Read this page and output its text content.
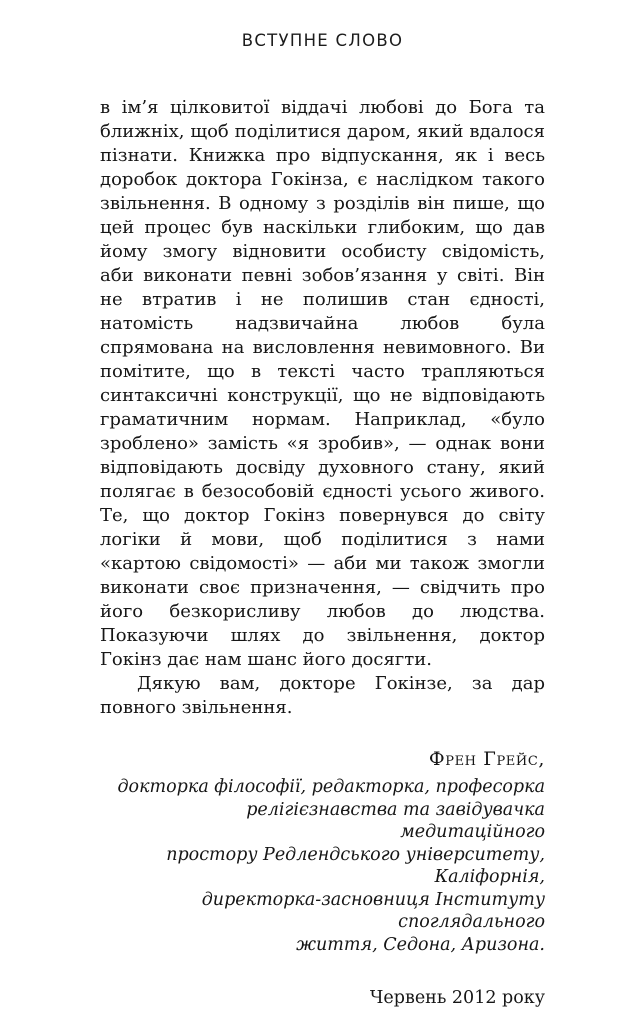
ВСТУПНЕ СЛОВО

в ім’я цілковитої віддачі любові до Бога та ближніх, щоб поділитися даром, який вдалося пізнати. Книжка про відпускання, як і весь доробок доктора Гокінза, є наслідком такого звільнення. В одному з розділів він пише, що цей процес був наскільки глибоким, що дав йому змогу відновити особисту свідомість, аби виконати певні зобов’язання у світі. Він не втратив і не полишив стан єдності, натомість надзвичайна любов була спрямована на висловлення невимовного. Ви помітите, що в тексті часто трапляються синтаксичні конструкції, що не відповідають граматичним нормам. Наприклад, «було зроблено» замість «я зробив», — однак вони відповідають досвіду духовного стану, який полягає в безособовій єдності усього живого. Те, що доктор Гокінз повернувся до світу логіки й мови, щоб поділитися з нами «картою свідомості» — аби ми також змогли виконати своє призначення, — свідчить про його безкорисливу любов до людства. Показуючи шлях до звільнення, доктор Гокінз дає нам шанс його досягти.

Дякую вам, докторе Гокінзе, за дар повного звільнення.

Френ Грейс,
докторка філософії, редакторка, професорка
релігієзнавства та завідувачка медитаційного
простору Редлендського університету, Каліфорнія,
директорка-засновниця Інституту споглядального
життя, Седона, Аризона.
Червень 2012 року
